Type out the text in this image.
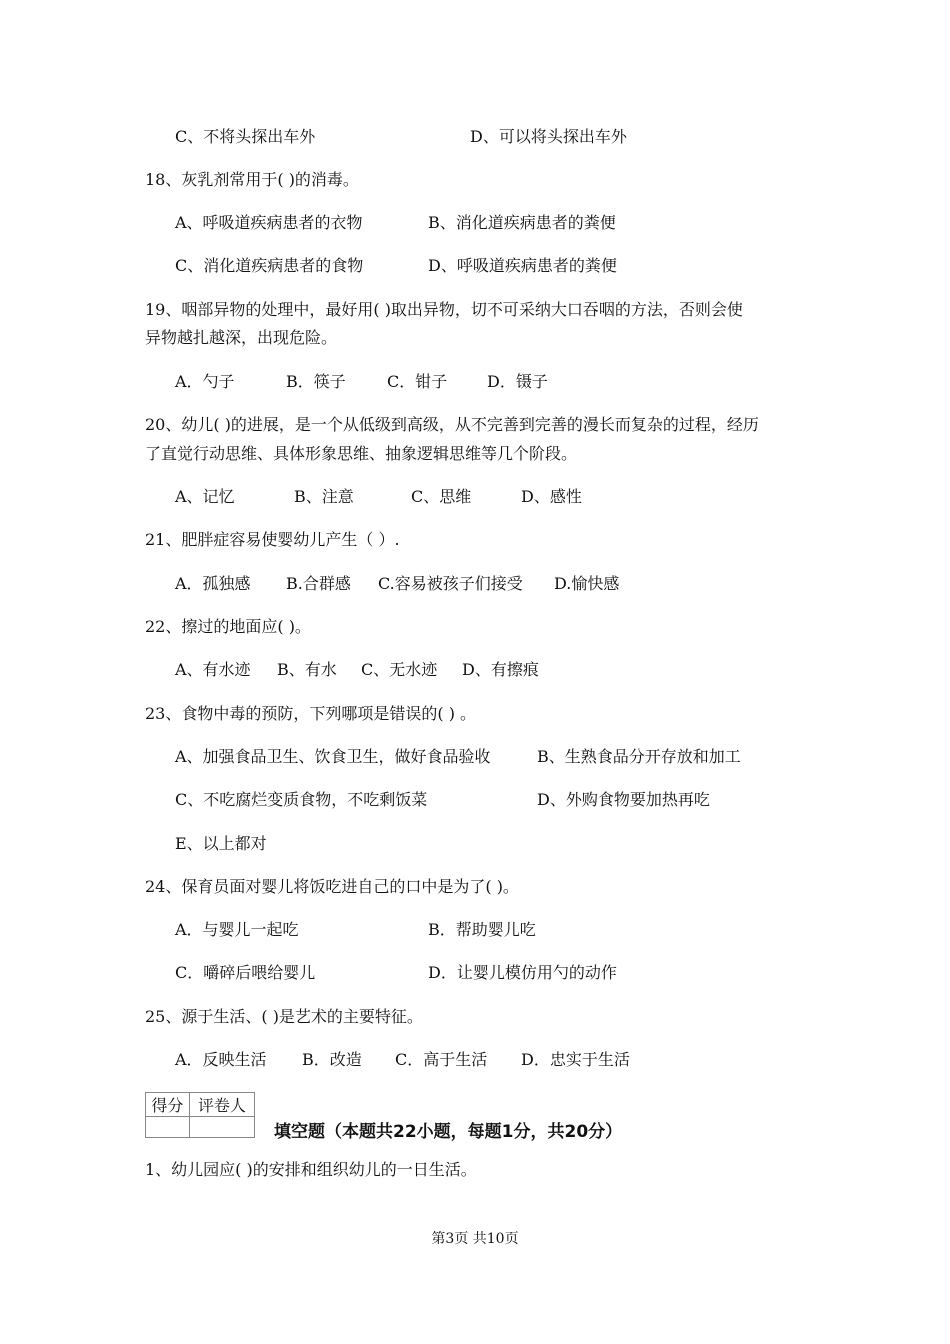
C、不将头探出车外	D、可以将头探出车外
18、灰乳剂常用于( )的消毒。
A、呼吸道疾病患者的衣物	B、消化道疾病患者的粪便
C、消化道疾病患者的食物	D、呼吸道疾病患者的粪便
19、咽部异物的处理中，最好用( )取出异物，切不可采纳大口吞咽的方法，否则会使
异物越扎越深，出现危险。
A．勺子	B．筷子	C．钳子 D．镊子
20、幼儿( )的进展，是一个从低级到高级，从不完善到完善的漫长而复杂的过程，经历
了直觉行动思维、具体形象思维、抽象逻辑思维等几个阶段。
A、记忆	B、注意	C、思维	D、感性
21、肥胖症容易使婴幼儿产生（ ）.
A．孤独感 B.合群感 C.容易被孩子们接受 D.愉快感
22、擦过的地面应( )。
A、有水迹 B、有水 C、无水迹 D、有擦痕
23、食物中毒的预防，下列哪项是错误的( ) 。
A、加强食品卫生、饮食卫生，做好食品验收	B、生熟食品分开存放和加工
C、不吃腐烂变质食物，不吃剩饭菜	D、外购食物要加热再吃
E、以上都对
24、保育员面对婴儿将饭吃进自己的口中是为了( )。
A．与婴儿一起吃	B．帮助婴儿吃
C．嚼碎后喂给婴儿	D．让婴儿模仿用勺的动作
25、源于生活、( )是艺术的主要特征。
A．反映生活 B．改造 C．高于生活 D．忠实于生活
得分	评卷人

填空题（本题共22小题，每题1分，共20分）
1、幼儿园应( )的安排和组织幼儿的一日生活。
第3页 共10页
